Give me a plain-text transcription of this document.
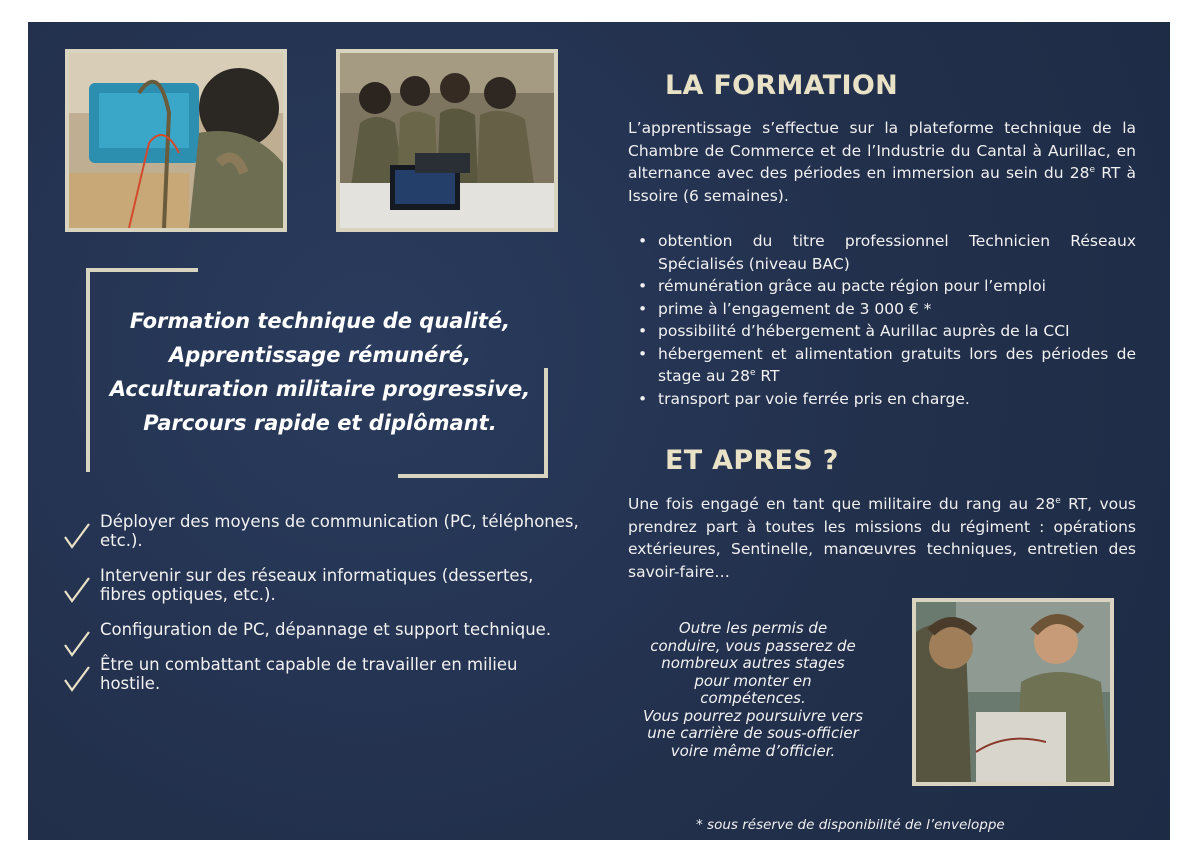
Formation technique de qualité,
Apprentissage rémunéré,
Acculturation militaire progressive,
Parcours rapide et diplômant.
Déployer des moyens de communication (PC, téléphones, etc.).
Intervenir sur des réseaux informatiques (dessertes, fibres optiques, etc.).
Configuration de PC, dépannage et support technique.
Être un combattant capable de travailler en milieu hostile.
LA FORMATION
L’apprentissage s’effectue sur la plateforme technique de la Chambre de Commerce et de l’Industrie du Cantal à Aurillac, en alternance avec des périodes en immersion au sein du 28e RT à Issoire (6 semaines).
• obtention du titre professionnel Technicien Réseaux Spécialisés (niveau BAC)
• rémunération grâce au pacte région pour l’emploi
• prime à l’engagement de 3 000 € *
• possibilité d’hébergement à Aurillac auprès de la CCI
• hébergement et alimentation gratuits lors des périodes de stage au 28e RT
• transport par voie ferrée pris en charge.
ET APRES ?
Une fois engagé en tant que militaire du rang au 28e RT, vous prendrez part à toutes les missions du régiment : opérations extérieures, Sentinelle, manœuvres techniques, entretien des savoir-faire…
Outre les permis de
conduire, vous passerez de
nombreux autres stages
pour monter en
compétences.
Vous pourrez poursuivre vers
une carrière de sous-officier
voire même d’officier.
* sous réserve de disponibilité de l’enveloppe
